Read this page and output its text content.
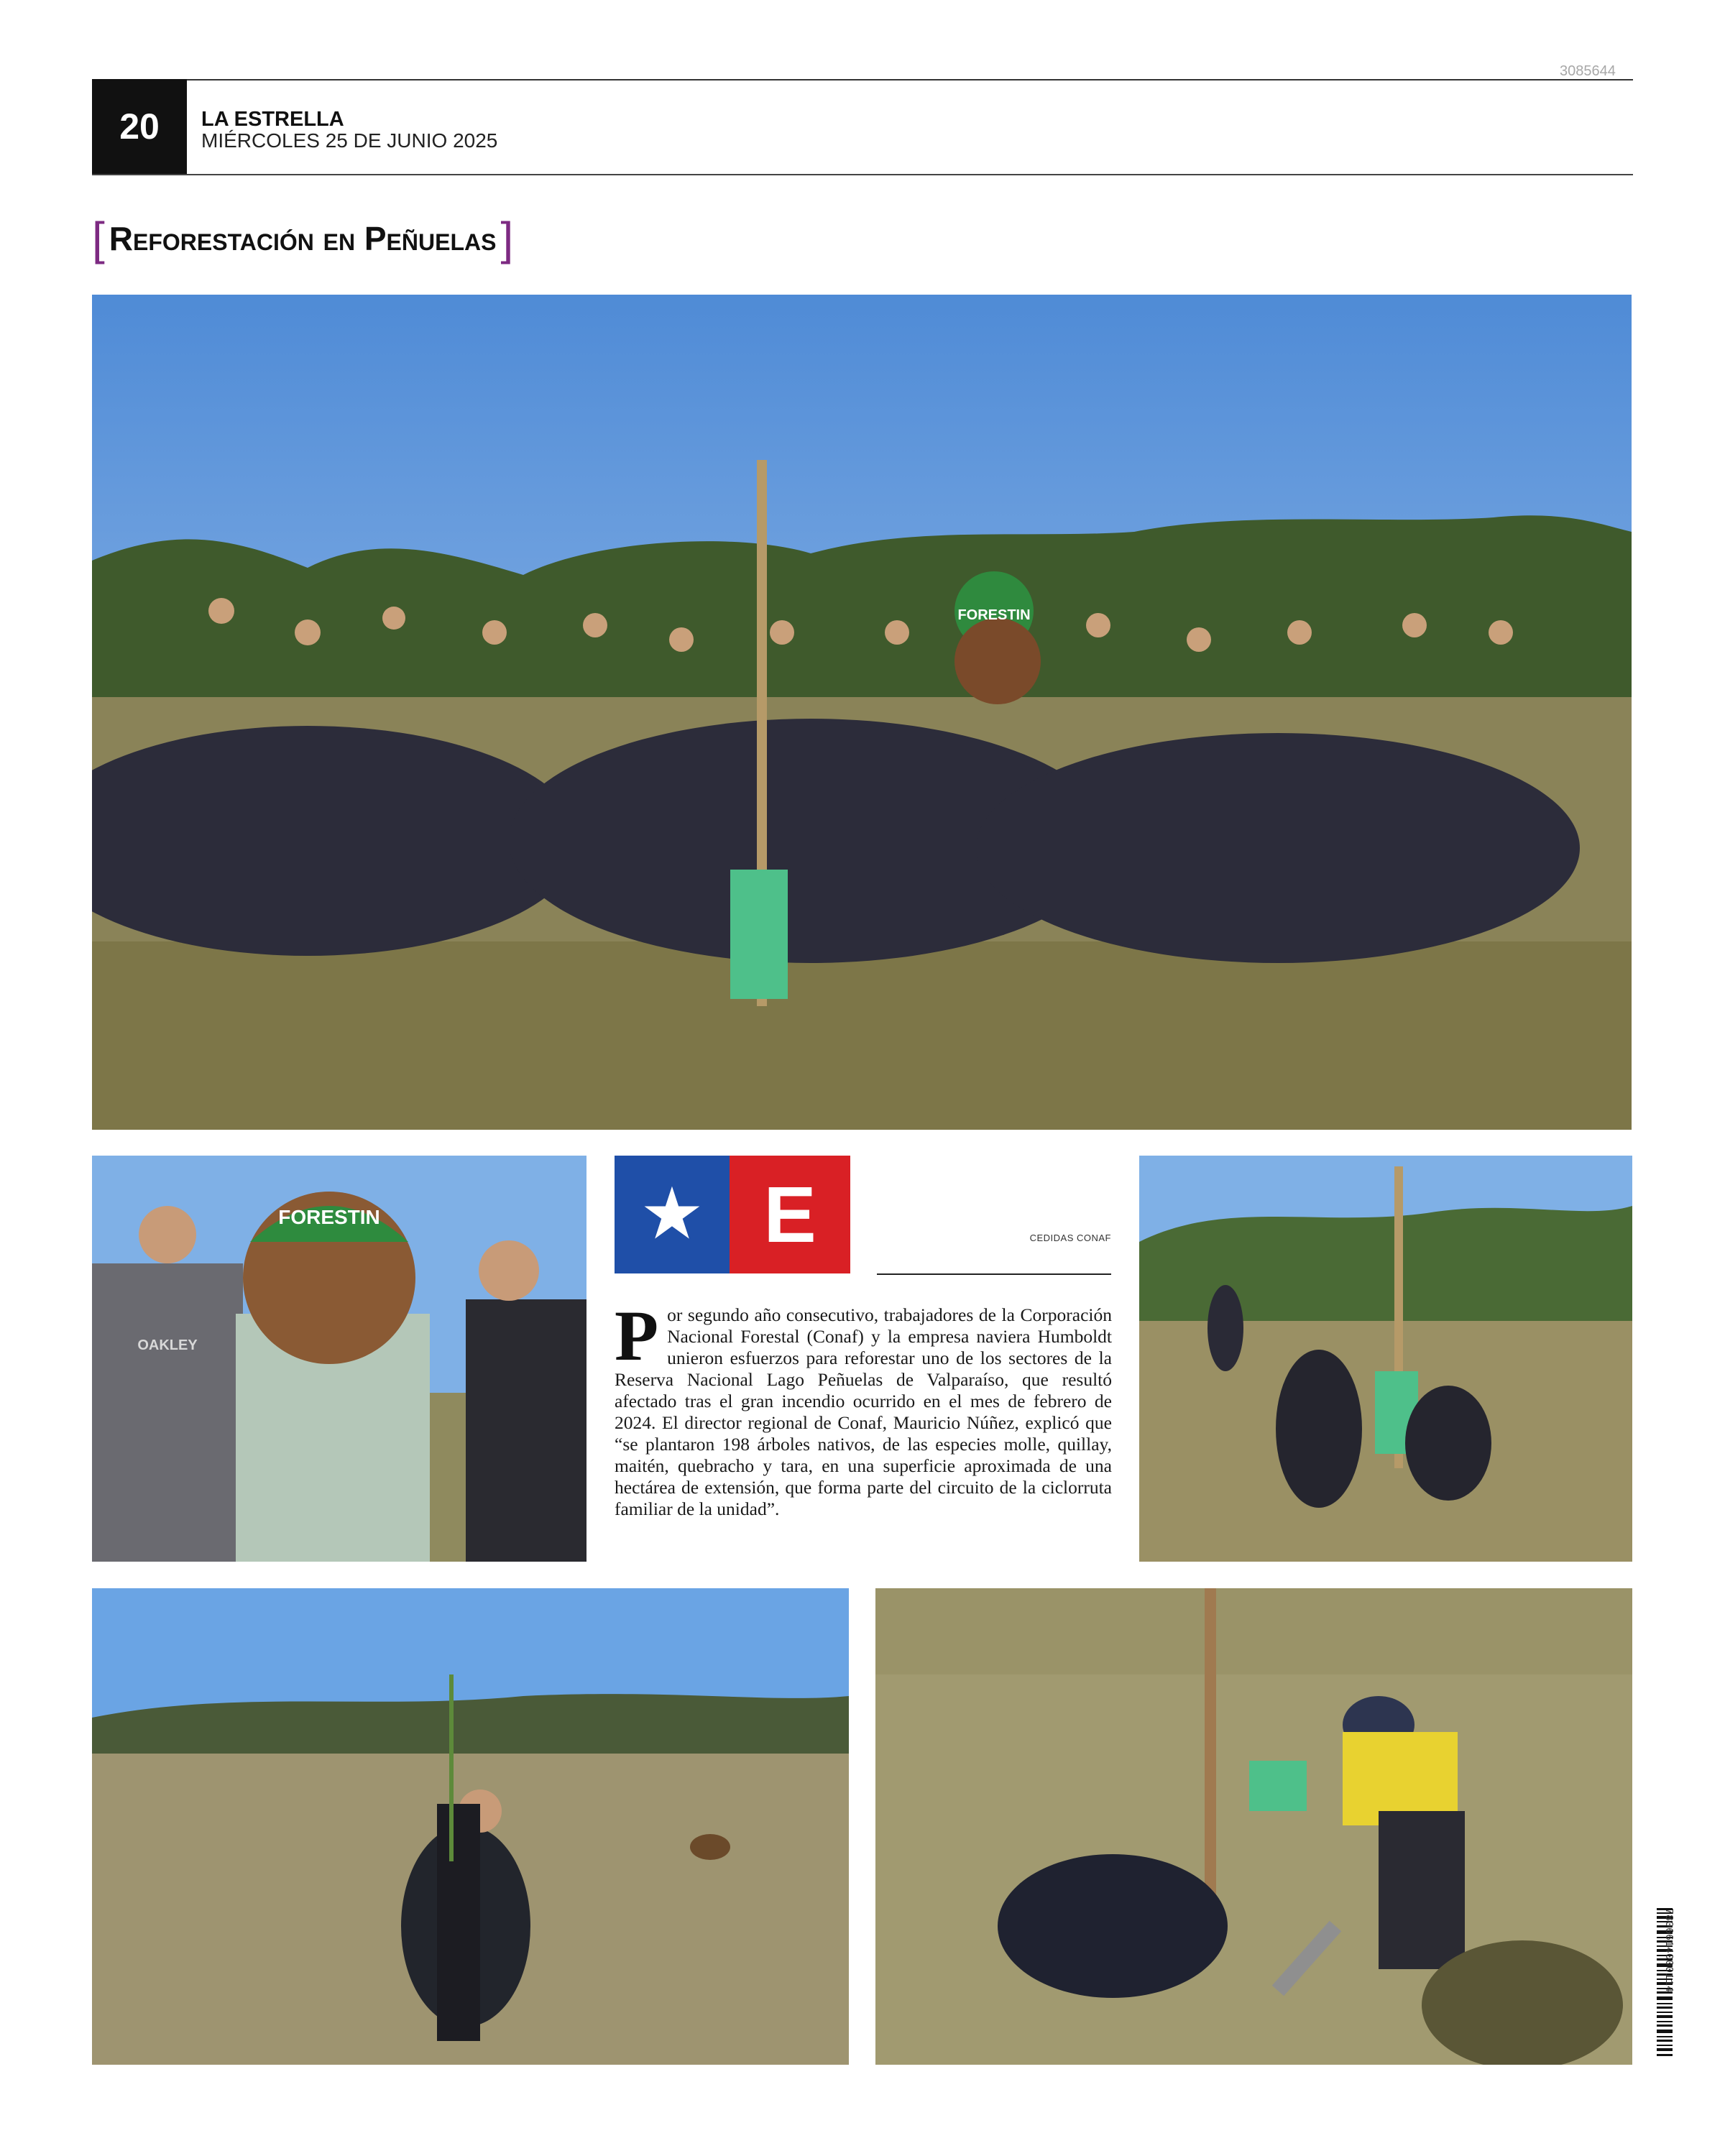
3085644
20	LA ESTRELLA
MIÉRCOLES 25 DE JUNIO 2025
[ Reforestación en Peñuelas ]
FORESTIN
FORESTIN
OAKLEY
★ E	CEDIDAS CONAF
Por segundo año consecutivo, trabajadores de la Corporación Nacional Forestal (Conaf) y la empresa naviera Humboldt unieron esfuerzos para reforestar uno de los sectores de la Reserva Nacional Lago Peñuelas de Valparaíso, que resultó afectado tras el gran incendio ocurrido en el mes de febrero de 2024. El director regional de Conaf, Mauricio Núñez, explicó que “se plantaron 198 árboles nativos, de las especies molle, quillay, maitén, quebracho y tara, en una superficie aproximada de una hectárea de extensión, que forma parte del circuito de la ciclorruta familiar de la unidad”.
7806614000114
